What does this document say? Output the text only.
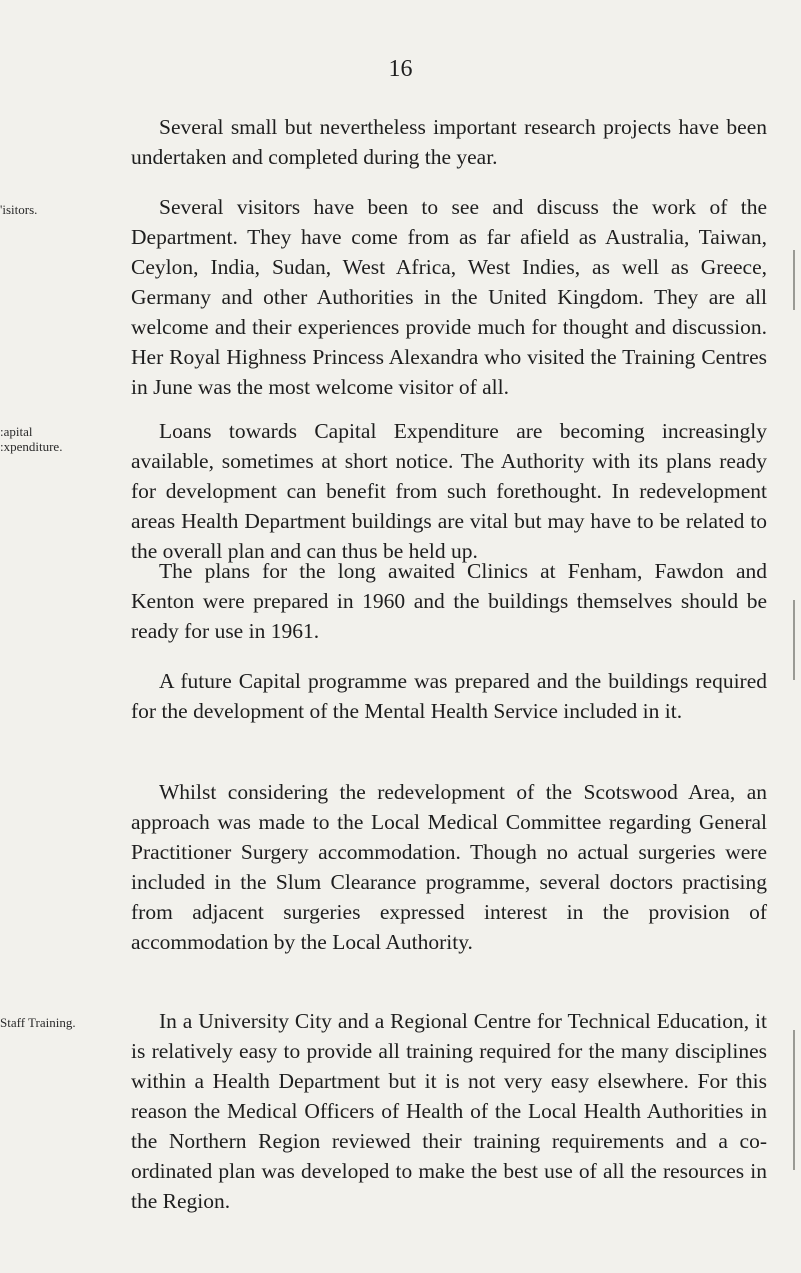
16

Several small but nevertheless important research projects have been undertaken and completed during the year.

'isitors.	Several visitors have been to see and discuss the work of the Department. They have come from as far afield as Australia, Taiwan, Ceylon, India, Sudan, West Africa, West Indies, as well as Greece, Germany and other Authorities in the United Kingdom. They are all welcome and their experiences provide much for thought and discussion. Her Royal Highness Princess Alexandra who visited the Training Centres in June was the most welcome visitor of all.

:apital
:xpenditure.

Loans towards Capital Expenditure are becoming increasingly available, sometimes at short notice. The Authority with its plans ready for development can benefit from such forethought. In redevelopment areas Health Department buildings are vital but may have to be related to the overall plan and can thus be held up.

The plans for the long awaited Clinics at Fenham, Fawdon and Kenton were prepared in 1960 and the buildings themselves should be ready for use in 1961.

A future Capital programme was prepared and the buildings required for the development of the Mental Health Service included in it.

Whilst considering the redevelopment of the Scotswood Area, an approach was made to the Local Medical Committee regarding General Practitioner Surgery accommodation. Though no actual surgeries were included in the Slum Clearance programme, several doctors practising from adjacent surgeries expressed interest in the provision of accommodation by the Local Authority.

Staff Training.	In a University City and a Regional Centre for Technical Education, it is relatively easy to provide all training required for the many disciplines within a Health Department but it is not very easy elsewhere. For this reason the Medical Officers of Health of the Local Health Authorities in the Northern Region reviewed their training requirements and a co-ordinated plan was developed to make the best use of all the resources in the Region.
